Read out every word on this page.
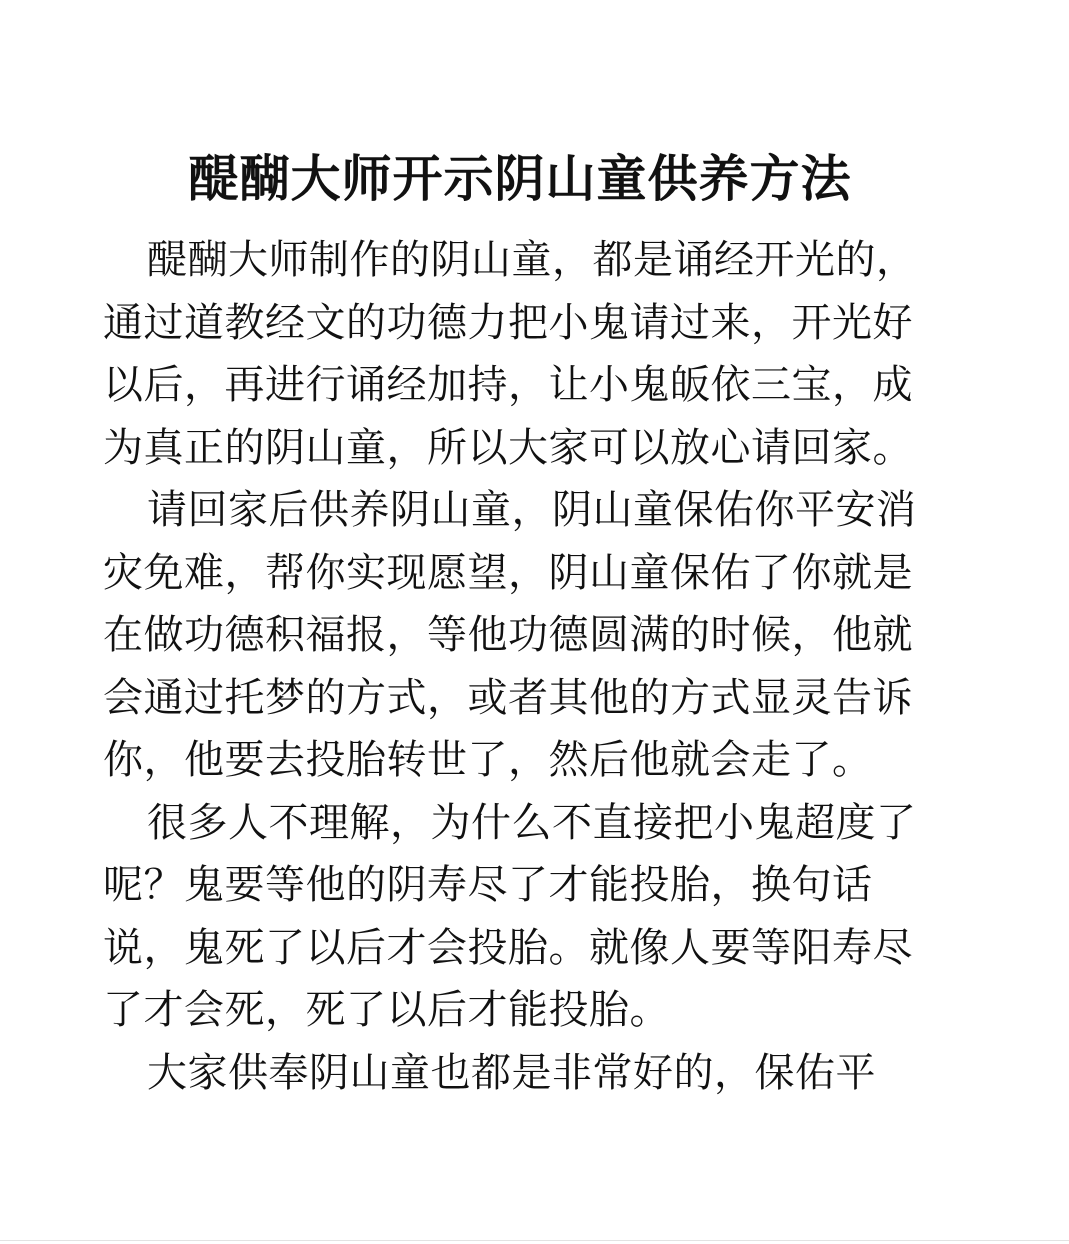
醍醐大师开示阴山童供养方法

醍醐大师制作的阴山童，都是诵经开光的，通过道教经文的功德力把小鬼请过来，开光好以后，再进行诵经加持，让小鬼皈依三宝，成为真正的阴山童，所以大家可以放心请回家。

请回家后供养阴山童，阴山童保佑你平安消灾免难，帮你实现愿望，阴山童保佑了你就是在做功德积福报，等他功德圆满的时候，他就会通过托梦的方式，或者其他的方式显灵告诉你，他要去投胎转世了，然后他就会走了。

很多人不理解，为什么不直接把小鬼超度了呢？鬼要等他的阴寿尽了才能投胎，换句话说，鬼死了以后才会投胎。就像人要等阳寿尽了才会死，死了以后才能投胎。

大家供奉阴山童也都是非常好的，保佑平
